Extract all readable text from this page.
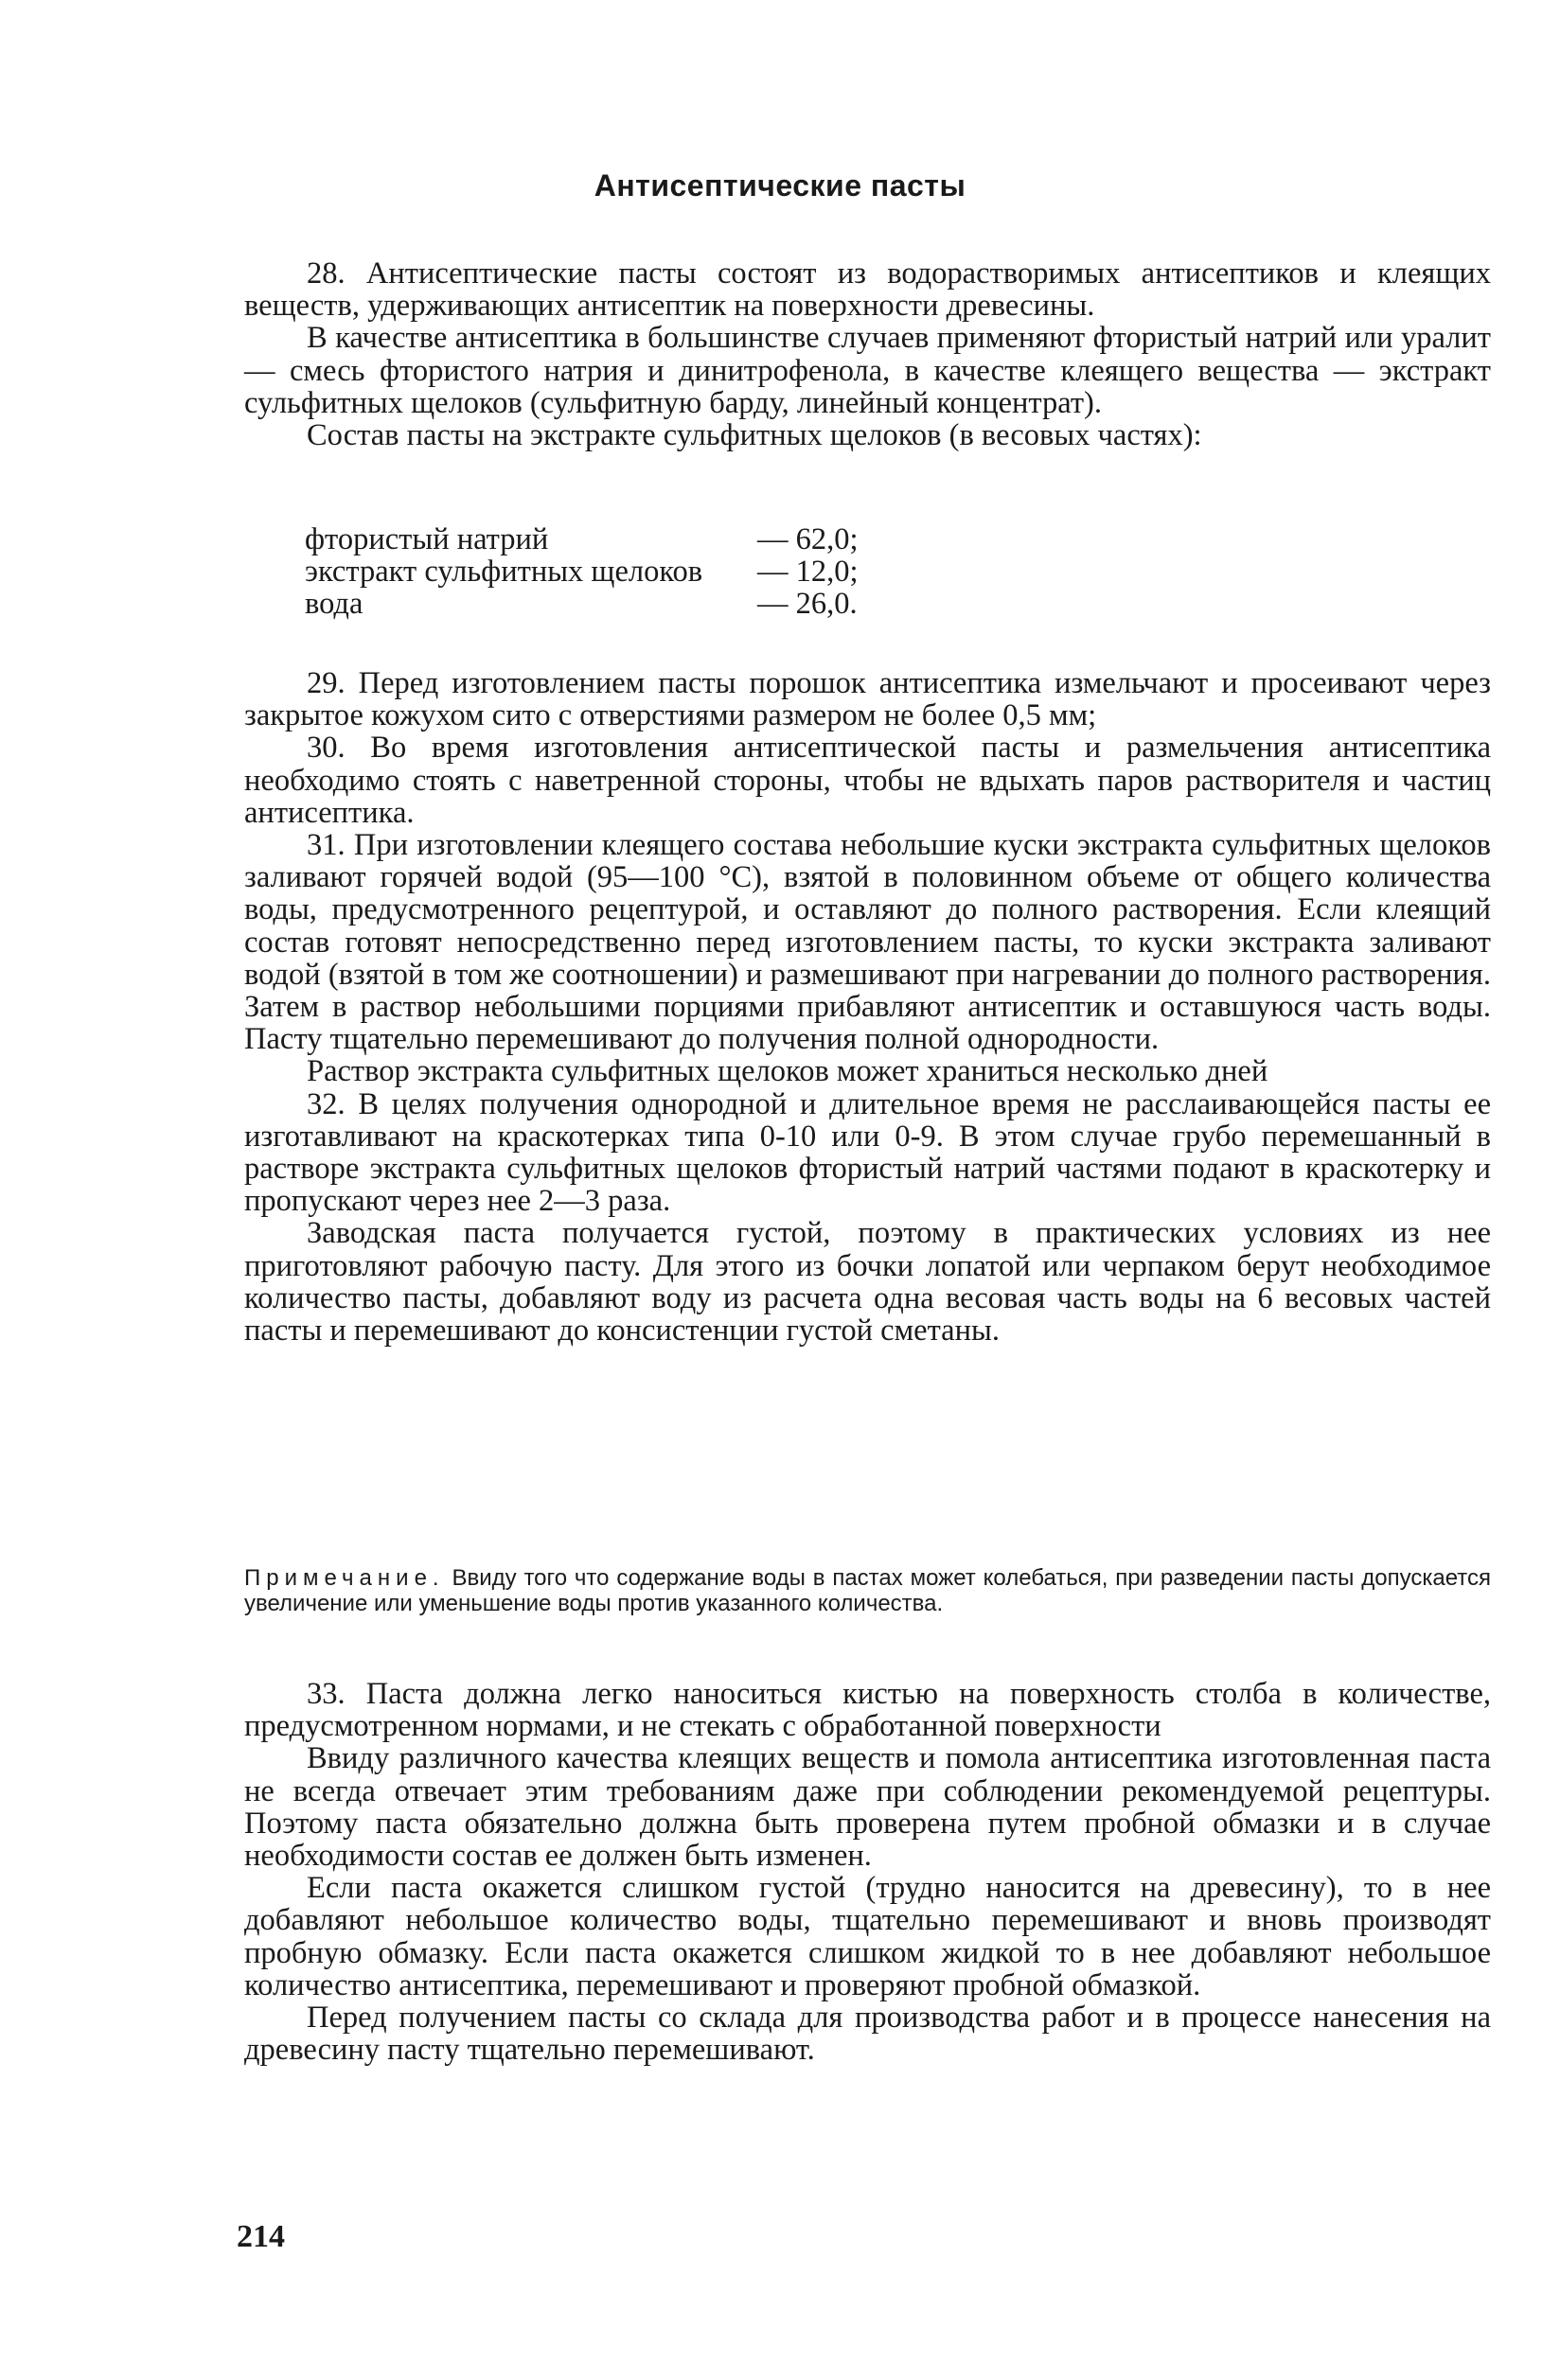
Антисептические пасты

28. Антисептические пасты состоят из водорастворимых антисептиков и клеящих веществ, удерживающих антисептик на поверхности древесины.

В качестве антисептика в большинстве случаев применяют фтористый натрий или уралит — смесь фтористого натрия и динитрофенола, в качестве клеящего вещества — экстракт сульфитных щелоков (сульфитную барду, линейный концентрат).

Состав пасты на экстракте сульфитных щелоков (в весовых частях):

фтористый натрий	— 62,0;
экстракт сульфитных щелоков	— 12,0;
вода	— 26,0.

29. Перед изготовлением пасты порошок антисептика измельчают и просеивают через закрытое кожухом сито с отверстиями размером не более 0,5 мм;

30. Во время изготовления антисептической пасты и размельчения антисептика необходимо стоять с наветренной стороны, чтобы не вдыхать паров растворителя и частиц антисептика.

31. При изготовлении клеящего состава небольшие куски экстракта сульфитных щелоков заливают горячей водой (95—100 °С), взятой в половинном объеме от общего количества воды, предусмотренного рецептурой, и оставляют до полного растворения. Если клеящий состав готовят непосредственно перед изготовлением пасты, то куски экстракта заливают водой (взятой в том же соотношении) и размешивают при нагревании до полного растворения. Затем в раствор небольшими порциями прибавляют антисептик и оставшуюся часть воды. Пасту тщательно перемешивают до получения полной однородности.

Раствор экстракта сульфитных щелоков может храниться несколько дней

32. В целях получения однородной и длительное время не расслаивающейся пасты ее изготавливают на краскотерках типа 0-10 или 0-9. В этом случае грубо перемешанный в растворе экстракта сульфитных щелоков фтористый натрий частями подают в краскотерку и пропускают через нее 2—3 раза.

Заводская паста получается густой, поэтому в практических условиях из нее приготовляют рабочую пасту. Для этого из бочки лопатой или черпаком берут необходимое количество пасты, добавляют воду из расчета одна весовая часть воды на 6 весовых частей пасты и перемешивают до консистенции густой сметаны.

Примечание. Ввиду того что содержание воды в пастах может колебаться, при разведении пасты допускается увеличение или уменьшение воды против указанного количества.

33. Паста должна легко наноситься кистью на поверхность столба в количестве, предусмотренном нормами, и не стекать с обработанной поверхности

Ввиду различного качества клеящих веществ и помола антисептика изготовленная паста не всегда отвечает этим требованиям даже при соблюдении рекомендуемой рецептуры. Поэтому паста обязательно должна быть проверена путем пробной обмазки и в случае необходимости состав ее должен быть изменен.

Если паста окажется слишком густой (трудно наносится на древесину), то в нее добавляют небольшое количество воды, тщательно перемешивают и вновь производят пробную обмазку. Если паста окажется слишком жидкой то в нее добавляют небольшое количество антисептика, перемешивают и проверяют пробной обмазкой.

Перед получением пасты со склада для производства работ и в процессе нанесения на древесину пасту тщательно перемешивают.

214
